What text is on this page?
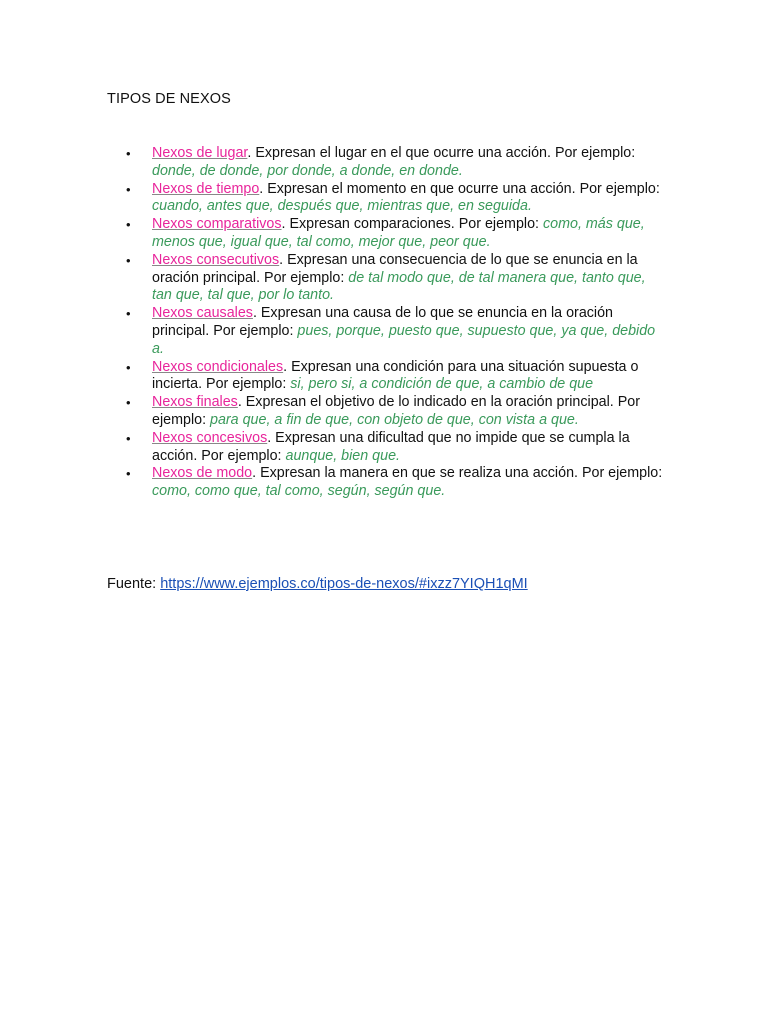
TIPOS DE NEXOS
• Nexos de lugar. Expresan el lugar en el que ocurre una acción. Por ejemplo: donde, de donde, por donde, a donde, en donde.
• Nexos de tiempo. Expresan el momento en que ocurre una acción. Por ejemplo: cuando, antes que, después que, mientras que, en seguida.
• Nexos comparativos. Expresan comparaciones. Por ejemplo: como, más que, menos que, igual que, tal como, mejor que, peor que.
• Nexos consecutivos. Expresan una consecuencia de lo que se enuncia en la oración principal. Por ejemplo: de tal modo que, de tal manera que, tanto que, tan que, tal que, por lo tanto.
• Nexos causales. Expresan una causa de lo que se enuncia en la oración principal. Por ejemplo: pues, porque, puesto que, supuesto que, ya que, debido a.
• Nexos condicionales. Expresan una condición para una situación supuesta o incierta. Por ejemplo: si, pero si, a condición de que, a cambio de que
• Nexos finales. Expresan el objetivo de lo indicado en la oración principal. Por ejemplo: para que, a fin de que, con objeto de que, con vista a que.
• Nexos concesivos. Expresan una dificultad que no impide que se cumpla la acción. Por ejemplo: aunque, bien que.
• Nexos de modo. Expresan la manera en que se realiza una acción. Por ejemplo: como, como que, tal como, según, según que.
Fuente: https://www.ejemplos.co/tipos-de-nexos/#ixzz7YIQH1qMI
